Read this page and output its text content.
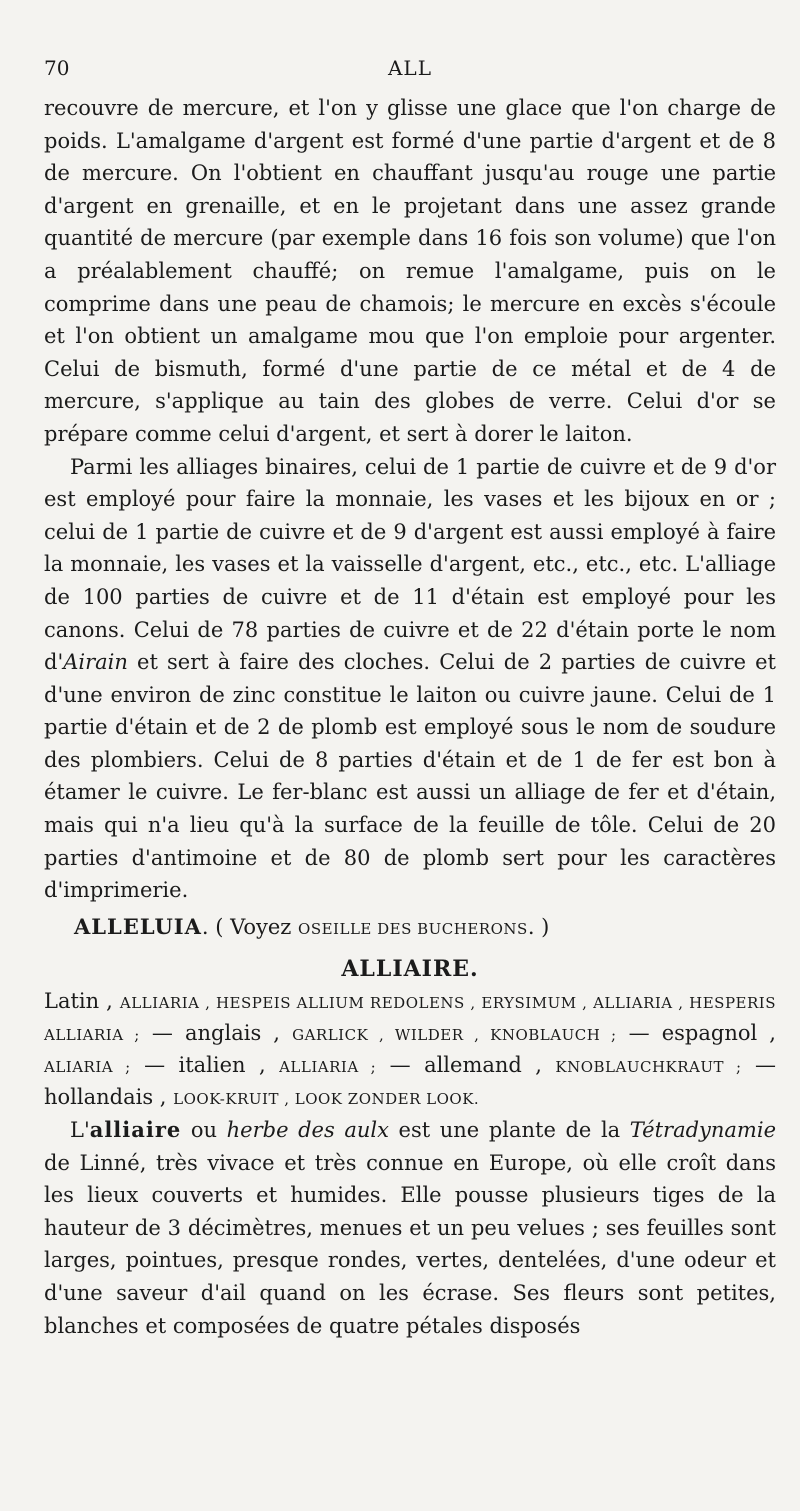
70	ALL

recouvre de mercure, et l'on y glisse une glace que l'on charge de poids. L'amalgame d'argent est formé d'une partie d'argent et de 8 de mercure. On l'obtient en chauffant jusqu'au rouge une partie d'argent en grenaille, et en le projetant dans une assez grande quantité de mercure (par exemple dans 16 fois son volume) que l'on a préalablement chauffé; on remue l'amalgame, puis on le comprime dans une peau de chamois; le mercure en excès s'écoule et l'on obtient un amalgame mou que l'on emploie pour argenter. Celui de bismuth, formé d'une partie de ce métal et de 4 de mercure, s'applique au tain des globes de verre. Celui d'or se prépare comme celui d'argent, et sert à dorer le laiton.

Parmi les alliages binaires, celui de 1 partie de cuivre et de 9 d'or est employé pour faire la monnaie, les vases et les bijoux en or ; celui de 1 partie de cuivre et de 9 d'argent est aussi employé à faire la monnaie, les vases et la vaisselle d'argent, etc., etc., etc. L'alliage de 100 parties de cuivre et de 11 d'étain est employé pour les canons. Celui de 78 parties de cuivre et de 22 d'étain porte le nom d'Airain et sert à faire des cloches. Celui de 2 parties de cuivre et d'une environ de zinc constitue le laiton ou cuivre jaune. Celui de 1 partie d'étain et de 2 de plomb est employé sous le nom de soudure des plombiers. Celui de 8 parties d'étain et de 1 de fer est bon à étamer le cuivre. Le fer-blanc est aussi un alliage de fer et d'étain, mais qui n'a lieu qu'à la surface de la feuille de tôle. Celui de 20 parties d'antimoine et de 80 de plomb sert pour les caractères d'imprimerie.

ALLELUIA. ( Voyez OSEILLE DES BUCHERONS. )

ALLIAIRE.

Latin , ALLIARIA , HESPEIS ALLIUM REDOLENS , ERYSIMUM , ALLIARIA , HESPERIS ALLIARIA ; — anglais , GARLICK , WILDER , KNOBLAUCH ; — espagnol , ALIARIA ; — italien , ALLIARIA ; — allemand , KNOBLAUCHKRAUT ; — hollandais , LOOK-KRUIT , LOOK ZONDER LOOK.

L'alliaire ou herbe des aulx est une plante de la Tétradynamie de Linné, très vivace et très connue en Europe, où elle croît dans les lieux couverts et humides. Elle pousse plusieurs tiges de la hauteur de 3 décimètres, menues et un peu velues ; ses feuilles sont larges, pointues, presque rondes, vertes, dentelées, d'une odeur et d'une saveur d'ail quand on les écrase. Ses fleurs sont petites, blanches et composées de quatre pétales disposés
